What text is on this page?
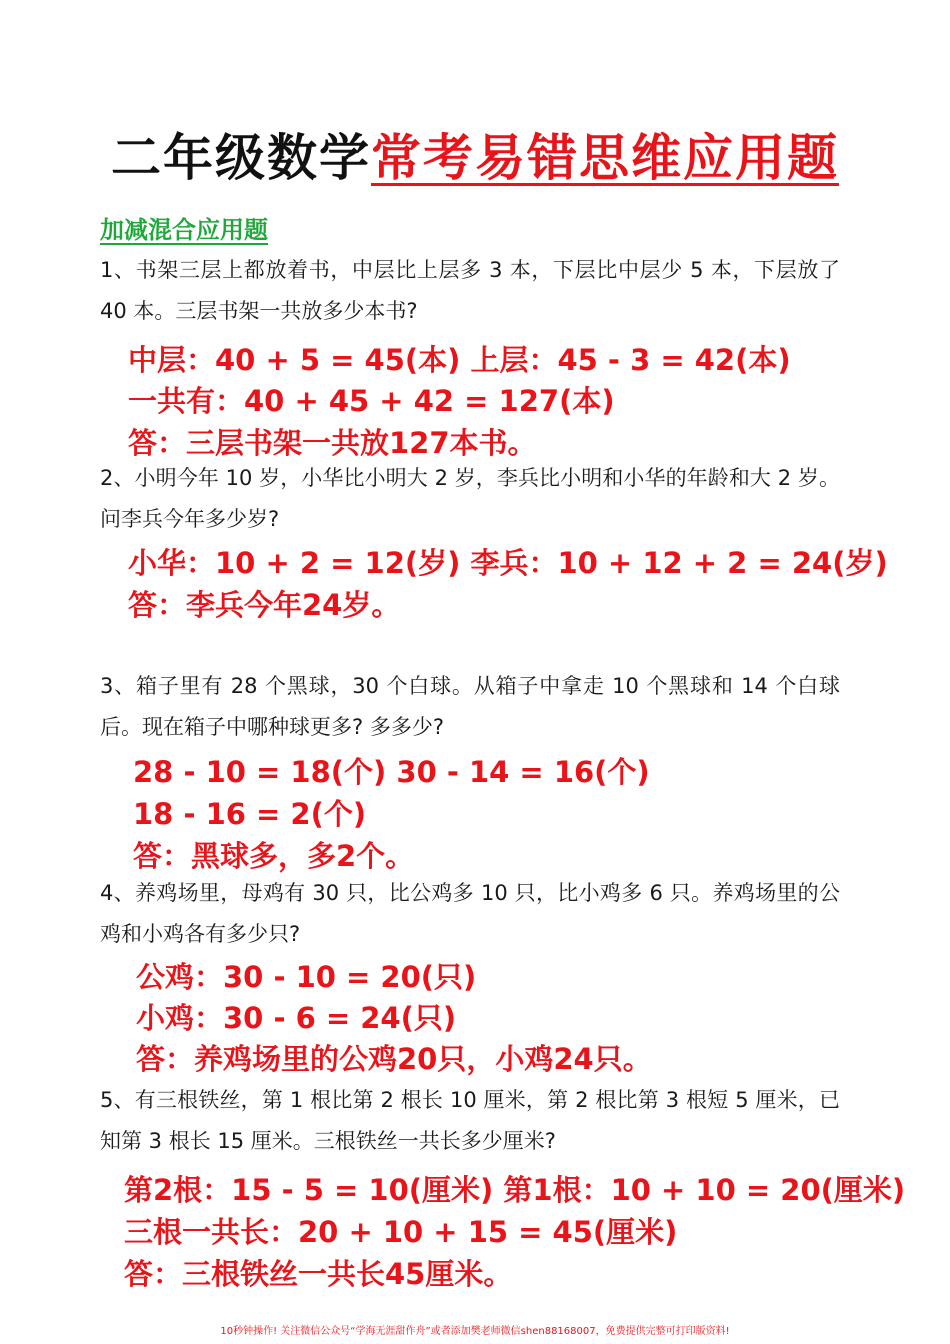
二年级数学常考易错思维应用题
加减混合应用题
1、书架三层上都放着书，中层比上层多 3 本，下层比中层少 5 本，下层放了 40 本。三层书架一共放多少本书?
中层：40 + 5 = 45(本) 上层：45 - 3 = 42(本)
一共有：40 + 45 + 42 = 127(本)
答：三层书架一共放127本书。
2、小明今年 10 岁，小华比小明大 2 岁，李兵比小明和小华的年龄和大 2 岁。问李兵今年多少岁?
小华：10 + 2 = 12(岁) 李兵：10 + 12 + 2 = 24(岁)
答：李兵今年24岁。
3、箱子里有 28 个黑球，30 个白球。从箱子中拿走 10 个黑球和 14 个白球后。现在箱子中哪种球更多? 多多少?
28 - 10 = 18(个) 30 - 14 = 16(个)
18 - 16 = 2(个)
答：黑球多，多2个。
4、养鸡场里，母鸡有 30 只，比公鸡多 10 只，比小鸡多 6 只。养鸡场里的公鸡和小鸡各有多少只?
公鸡：30 - 10 = 20(只)
小鸡：30 - 6 = 24(只)
答：养鸡场里的公鸡20只，小鸡24只。
5、有三根铁丝，第 1 根比第 2 根长 10 厘米，第 2 根比第 3 根短 5 厘米，已知第 3 根长 15 厘米。三根铁丝一共长多少厘米?
第2根：15 - 5 = 10(厘米) 第1根：10 + 10 = 20(厘米)
三根一共长：20 + 10 + 15 = 45(厘米)
答：三根铁丝一共长45厘米。
10秒钟操作! 关注微信公众号“学海无涯甜作舟”或者添加樊老师微信shen88168007，免费提供完整可打印版资料!
